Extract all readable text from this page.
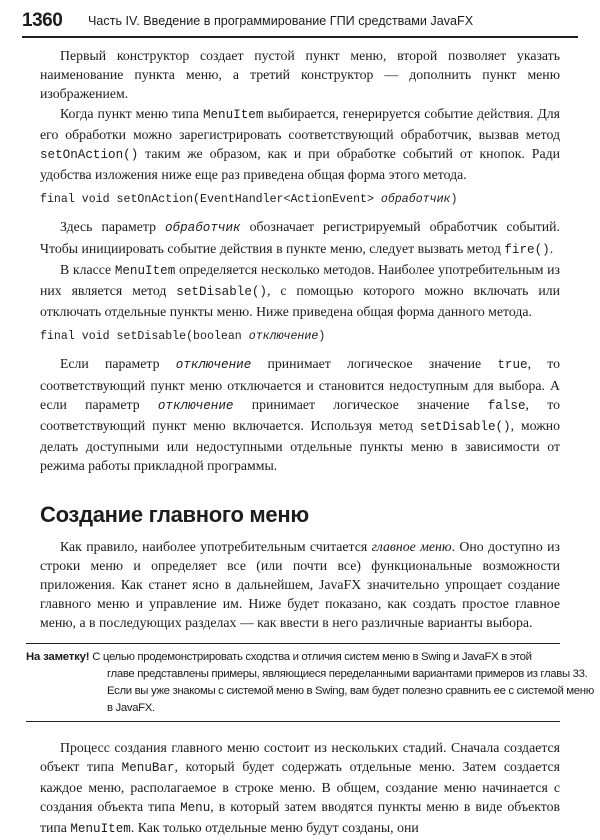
1360 Часть IV. Введение в программирование ГПИ средствами JavaFX

Первый конструктор создает пустой пункт меню, второй позволяет указать наименование пункта меню, а третий конструктор — дополнить пункт меню изображением.

Когда пункт меню типа MenuItem выбирается, генерируется событие действия. Для его обработки можно зарегистрировать соответствующий обработчик, вызвав метод setOnAction() таким же образом, как и при обработке событий от кнопок. Ради удобства изложения ниже еще раз приведена общая форма этого метода.

final void setOnAction(EventHandler<ActionEvent> обработчик)

Здесь параметр обработчик обозначает регистрируемый обработчик событий. Чтобы инициировать событие действия в пункте меню, следует вызвать метод fire().

В классе MenuItem определяется несколько методов. Наиболее употребительным из них является метод setDisable(), с помощью которого можно включать или отключать отдельные пункты меню. Ниже приведена общая форма данного метода.

final void setDisable(boolean отключение)

Если параметр отключение принимает логическое значение true, то соответствующий пункт меню отключается и становится недоступным для выбора. А если параметр отключение принимает логическое значение false, то соответствующий пункт меню включается. Используя метод setDisable(), можно делать доступными или недоступными отдельные пункты меню в зависимости от режима работы прикладной программы.

Создание главного меню

Как правило, наиболее употребительным считается главное меню. Оно доступно из строки меню и определяет все (или почти все) функциональные возможности приложения. Как станет ясно в дальнейшем, JavaFX значительно упрощает создание главного меню и управление им. Ниже будет показано, как создать простое главное меню, а в последующих разделах — как ввести в него различные варианты выбора.

На заметку! С целью продемонстрировать сходства и отличия систем меню в Swing и JavaFX в этой
главе представлены примеры, являющиеся переделанными вариантами примеров из главы 33.
Если вы уже знакомы с системой меню в Swing, вам будет полезно сравнить ее с системой меню
в JavaFX.

Процесс создания главного меню состоит из нескольких стадий. Сначала создается объект типа MenuBar, который будет содержать отдельные меню. Затем создается каждое меню, располагаемое в строке меню. В общем, создание меню начинается с создания объекта типа Menu, в который затем вводятся пункты меню в виде объектов типа MenuItem. Как только отдельные меню будут созданы, они
